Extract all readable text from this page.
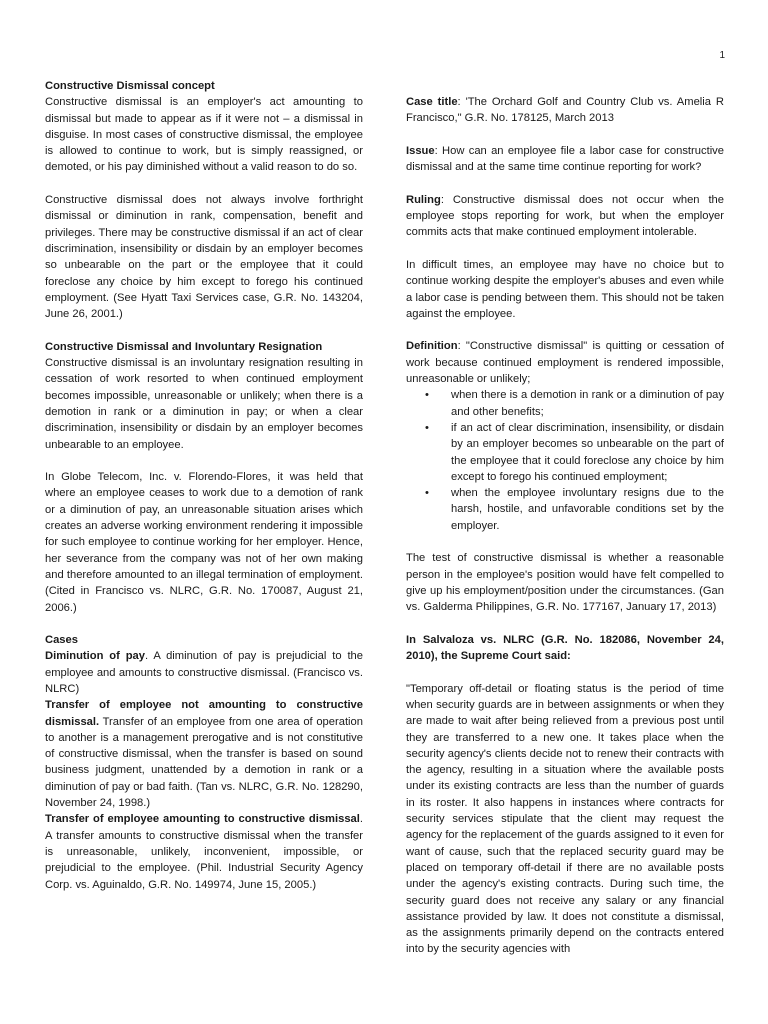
1

Constructive Dismissal concept

Constructive dismissal is an employer's act amounting to dismissal but made to appear as if it were not – a dismissal in disguise. In most cases of constructive dismissal, the employee is allowed to continue to work, but is simply reassigned, or demoted, or his pay diminished without a valid reason to do so.

Constructive dismissal does not always involve forthright dismissal or diminution in rank, compensation, benefit and privileges. There may be constructive dismissal if an act of clear discrimination, insensibility or disdain by an employer becomes so unbearable on the part or the employee that it could foreclose any choice by him except to forego his continued employment. (See Hyatt Taxi Services case, G.R. No. 143204, June 26, 2001.)

Constructive Dismissal and Involuntary Resignation

Constructive dismissal is an involuntary resignation resulting in cessation of work resorted to when continued employment becomes impossible, unreasonable or unlikely; when there is a demotion in rank or a diminution in pay; or when a clear discrimination, insensibility or disdain by an employer becomes unbearable to an employee.

In Globe Telecom, Inc. v. Florendo-Flores, it was held that where an employee ceases to work due to a demotion of rank or a diminution of pay, an unreasonable situation arises which creates an adverse working environment rendering it impossible for such employee to continue working for her employer. Hence, her severance from the company was not of her own making and therefore amounted to an illegal termination of employment. (Cited in Francisco vs. NLRC, G.R. No. 170087, August 21, 2006.)

Cases

Diminution of pay. A diminution of pay is prejudicial to the employee and amounts to constructive dismissal. (Francisco vs. NLRC)

Transfer of employee not amounting to constructive dismissal. Transfer of an employee from one area of operation to another is a management prerogative and is not constitutive of constructive dismissal, when the transfer is based on sound business judgment, unattended by a demotion in rank or a diminution of pay or bad faith. (Tan vs. NLRC, G.R. No. 128290, November 24, 1998.)

Transfer of employee amounting to constructive dismissal. A transfer amounts to constructive dismissal when the transfer is unreasonable, unlikely, inconvenient, impossible, or prejudicial to the employee. (Phil. Industrial Security Agency Corp. vs. Aguinaldo, G.R. No. 149974, June 15, 2005.)

Case title: 'The Orchard Golf and Country Club vs. Amelia R Francisco," G.R. No. 178125, March 2013

Issue: How can an employee file a labor case for constructive dismissal and at the same time continue reporting for work?

Ruling: Constructive dismissal does not occur when the employee stops reporting for work, but when the employer commits acts that make continued employment intolerable.

In difficult times, an employee may have no choice but to continue working despite the employer's abuses and even while a labor case is pending between them. This should not be taken against the employee.

Definition: "Constructive dismissal" is quitting or cessation of work because continued employment is rendered impossible, unreasonable or unlikely;

• when there is a demotion in rank or a diminution of pay and other benefits;
• if an act of clear discrimination, insensibility, or disdain by an employer becomes so unbearable on the part of the employee that it could foreclose any choice by him except to forego his continued employment;
• when the employee involuntary resigns due to the harsh, hostile, and unfavorable conditions set by the employer.

The test of constructive dismissal is whether a reasonable person in the employee's position would have felt compelled to give up his employment/position under the circumstances. (Gan vs. Galderma Philippines, G.R. No. 177167, January 17, 2013)

In Salvaloza vs. NLRC (G.R. No. 182086, November 24, 2010), the Supreme Court said:

"Temporary off-detail or floating status is the period of time when security guards are in between assignments or when they are made to wait after being relieved from a previous post until they are transferred to a new one. It takes place when the security agency's clients decide not to renew their contracts with the agency, resulting in a situation where the available posts under its existing contracts are less than the number of guards in its roster. It also happens in instances where contracts for security services stipulate that the client may request the agency for the replacement of the guards assigned to it even for want of cause, such that the replaced security guard may be placed on temporary off-detail if there are no available posts under the agency's existing contracts. During such time, the security guard does not receive any salary or any financial assistance provided by law. It does not constitute a dismissal, as the assignments primarily depend on the contracts entered into by the security agencies with
